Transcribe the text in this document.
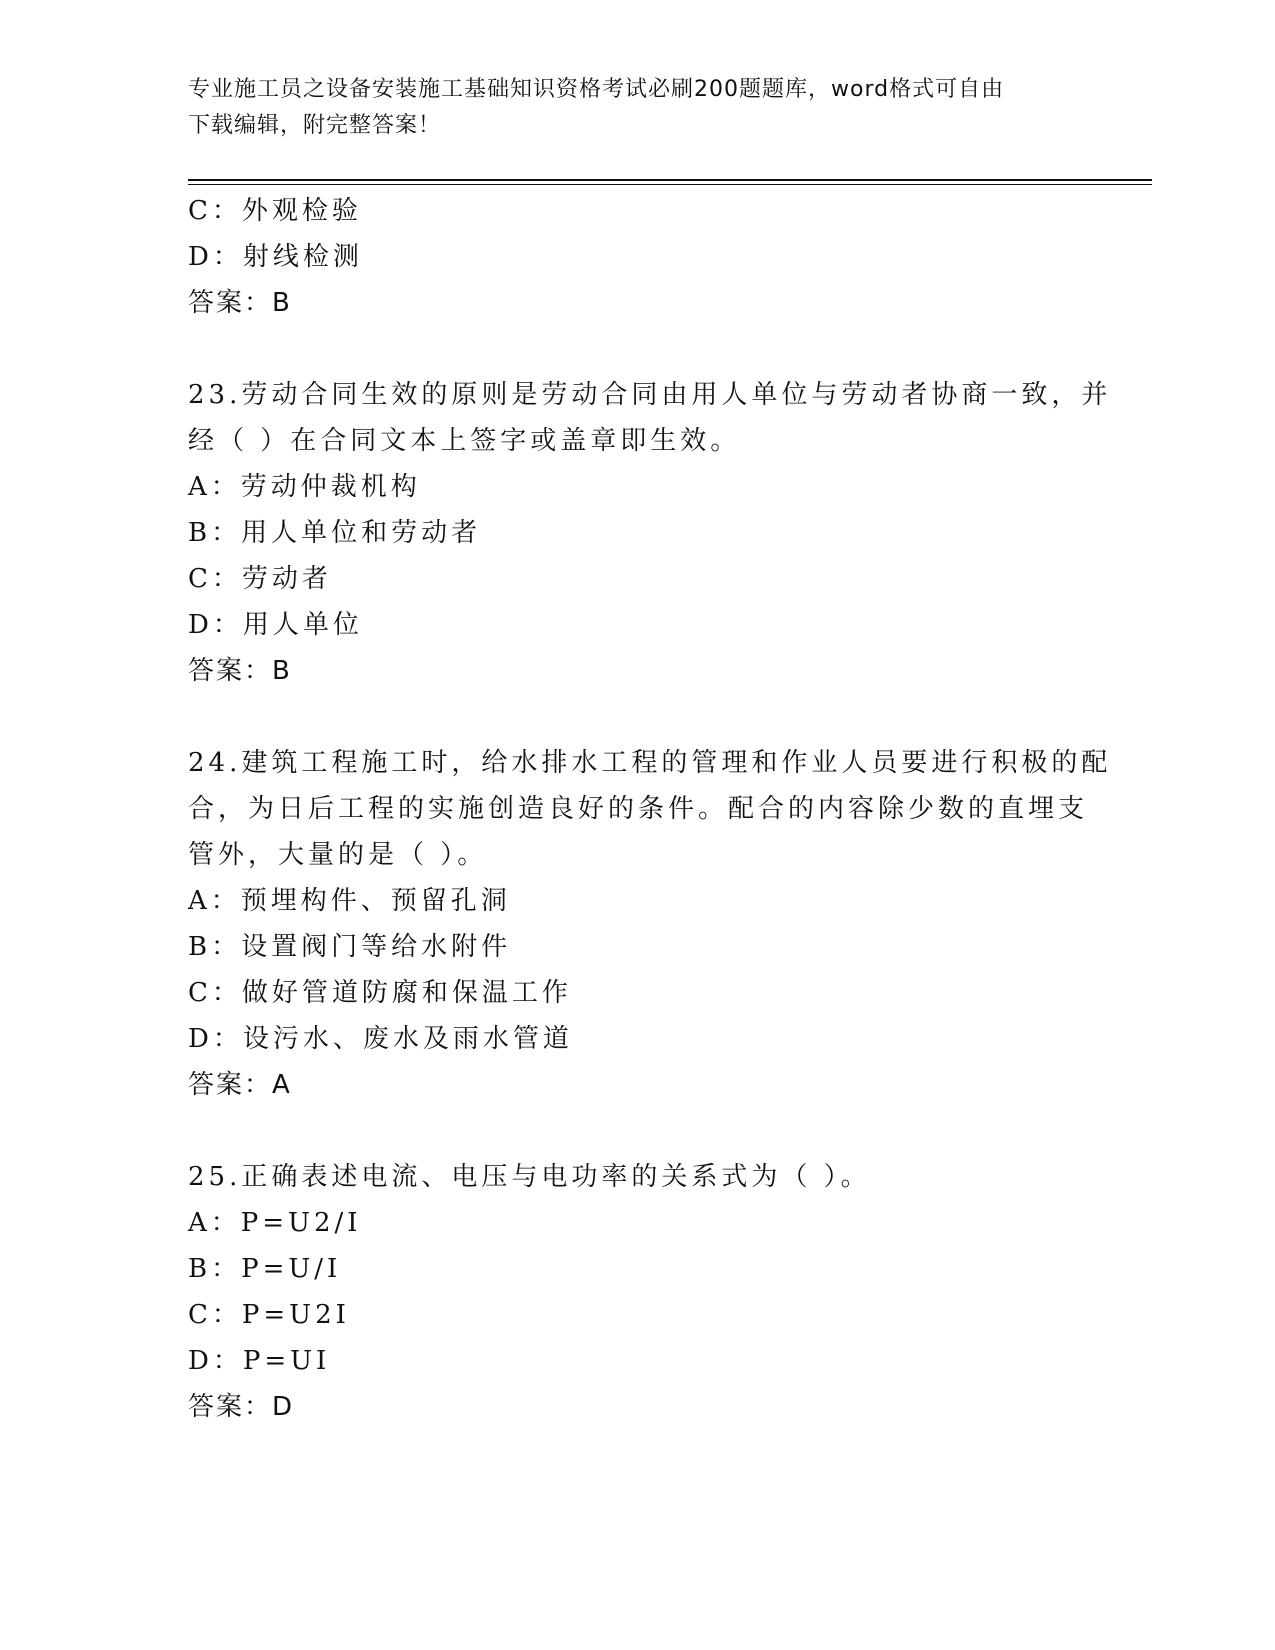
专业施工员之设备安装施工基础知识资格考试必刷200题题库，word格式可自由
下载编辑，附完整答案！
C：外观检验
D：射线检测
答案：B
23.劳动合同生效的原则是劳动合同由用人单位与劳动者协商一致，并
经（ ）在合同文本上签字或盖章即生效。
A：劳动仲裁机构
B：用人单位和劳动者
C：劳动者
D：用人单位
答案：B
24.建筑工程施工时，给水排水工程的管理和作业人员要进行积极的配
合，为日后工程的实施创造良好的条件。配合的内容除少数的直埋支
管外，大量的是（ ）。
A：预埋构件、预留孔洞
B：设置阀门等给水附件
C：做好管道防腐和保温工作
D：设污水、废水及雨水管道
答案：A
25.正确表述电流、电压与电功率的关系式为（ ）。
A：P=U2/I
B：P=U/I
C：P=U2I
D：P=UI
答案：D
